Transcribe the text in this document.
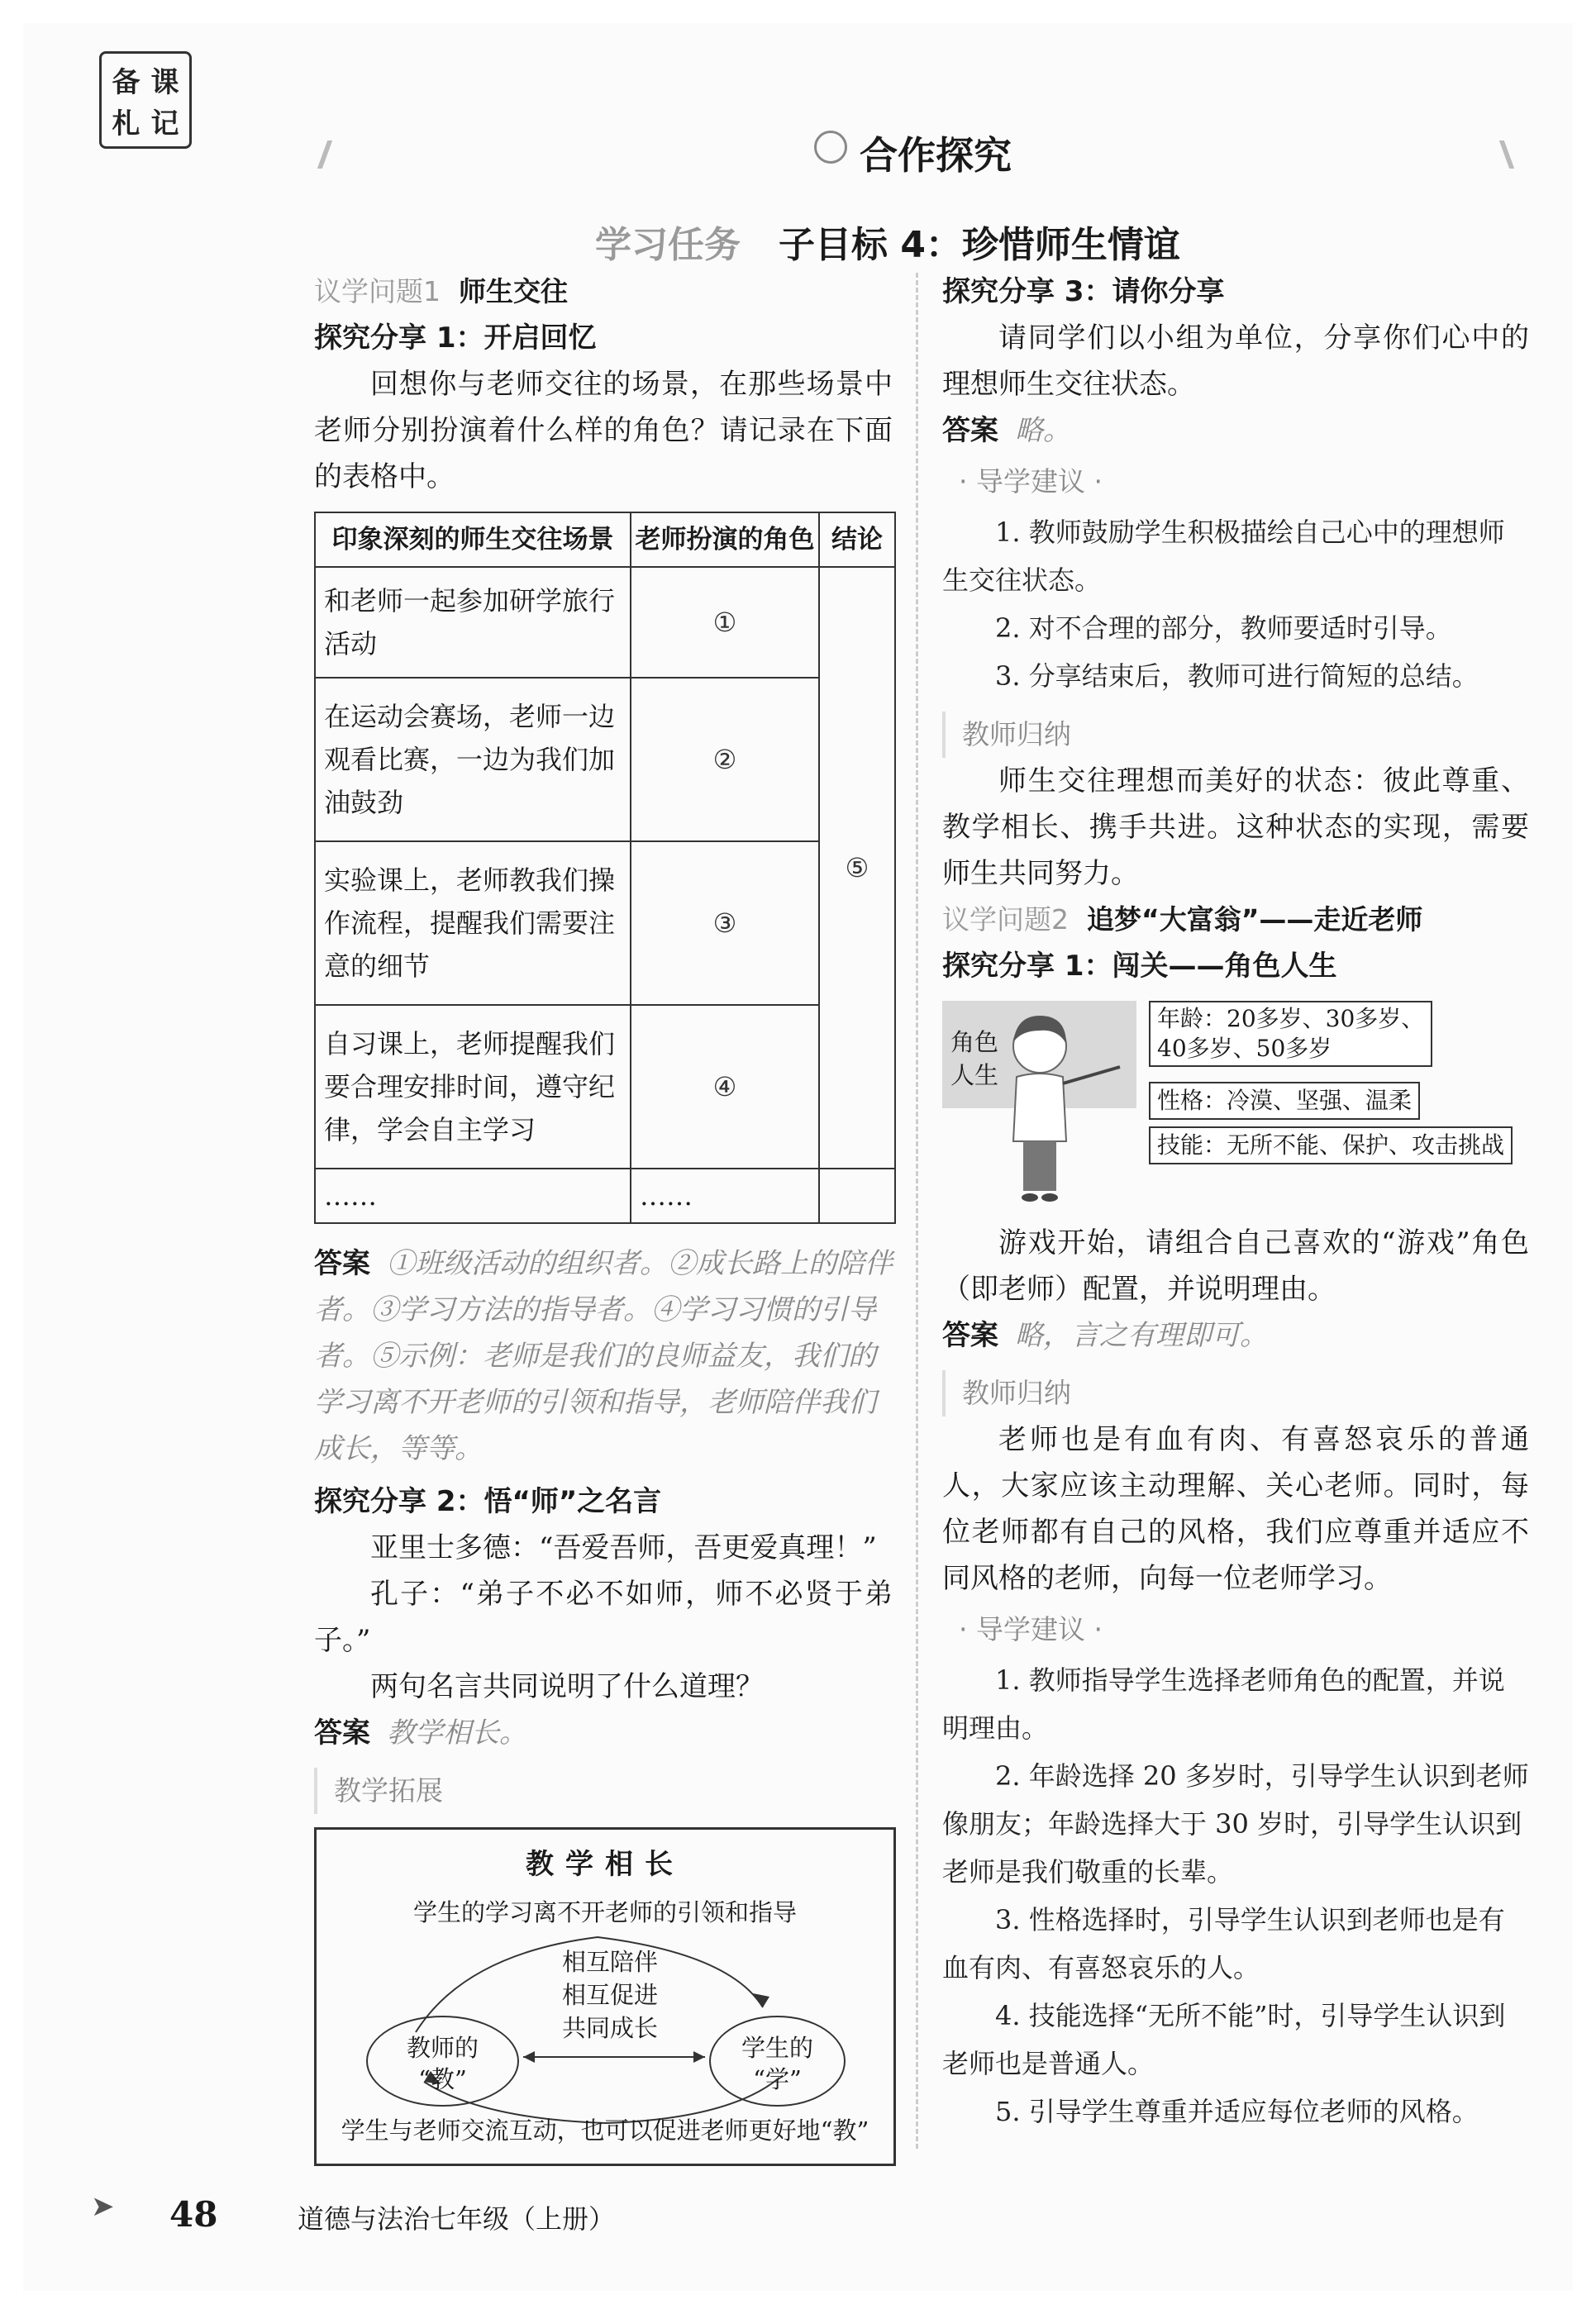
备 课
札 记
合作探究
学习任务 子目标 4：珍惜师生情谊

议学问题1 师生交往

探究分享 1：开启回忆

回想你与老师交往的场景，在那些场景中老师分别扮演着什么样的角色？请记录在下面的表格中。

印象深刻的师生交往场景	老师扮演的角色	结论
和老师一起参加研学旅行活动	①	⑤
在运动会赛场，老师一边观看比赛，一边为我们加油鼓劲	②	
实验课上，老师教我们操作流程，提醒我们需要注意的细节	③	
自习课上，老师提醒我们要合理安排时间，遵守纪律，学会自主学习	④	
……	……	

答案 ①班级活动的组织者。②成长路上的陪伴者。③学习方法的指导者。④学习习惯的引导者。⑤示例：老师是我们的良师益友，我们的学习离不开老师的引领和指导，老师陪伴我们成长，等等。

探究分享 2：悟“师”之名言

亚里士多德：“吾爱吾师，吾更爱真理！”

孔子：“弟子不必不如师，师不必贤于弟子。”

两句名言共同说明了什么道理？

答案 教学相长。

教学拓展

教学相长
学生的学习离不开老师的引领和指导
相互陪伴
相互促进
共同成长
教师的
“教”
学生的
“学”
学生与老师交流互动，也可以促进老师更好地“教”

探究分享 3：请你分享

请同学们以小组为单位，分享你们心中的理想师生交往状态。

答案 略。

· 导学建议 ·

1. 教师鼓励学生积极描绘自己心中的理想师生交往状态。

2. 对不合理的部分，教师要适时引导。

3. 分享结束后，教师可进行简短的总结。

教师归纳

师生交往理想而美好的状态：彼此尊重、教学相长、携手共进。这种状态的实现，需要师生共同努力。

议学问题2 追梦“大富翁”——走近老师

探究分享 1：闯关——角色人生

角色
人生
年龄：20多岁、30多岁、
40多岁、50多岁
性格：冷漠、坚强、温柔
技能：无所不能、保护、攻击挑战

游戏开始，请组合自己喜欢的“游戏”角色（即老师）配置，并说明理由。

答案 略，言之有理即可。

教师归纳

老师也是有血有肉、有喜怒哀乐的普通人，大家应该主动理解、关心老师。同时，每位老师都有自己的风格，我们应尊重并适应不同风格的老师，向每一位老师学习。

· 导学建议 ·

1. 教师指导学生选择老师角色的配置，并说明理由。

2. 年龄选择 20 多岁时，引导学生认识到老师像朋友；年龄选择大于 30 岁时，引导学生认识到老师是我们敬重的长辈。

3. 性格选择时，引导学生认识到老师也是有血有肉、有喜怒哀乐的人。

4. 技能选择“无所不能”时，引导学生认识到老师也是普通人。

5. 引导学生尊重并适应每位老师的风格。

➤ 48	道德与法治七年级（上册）
